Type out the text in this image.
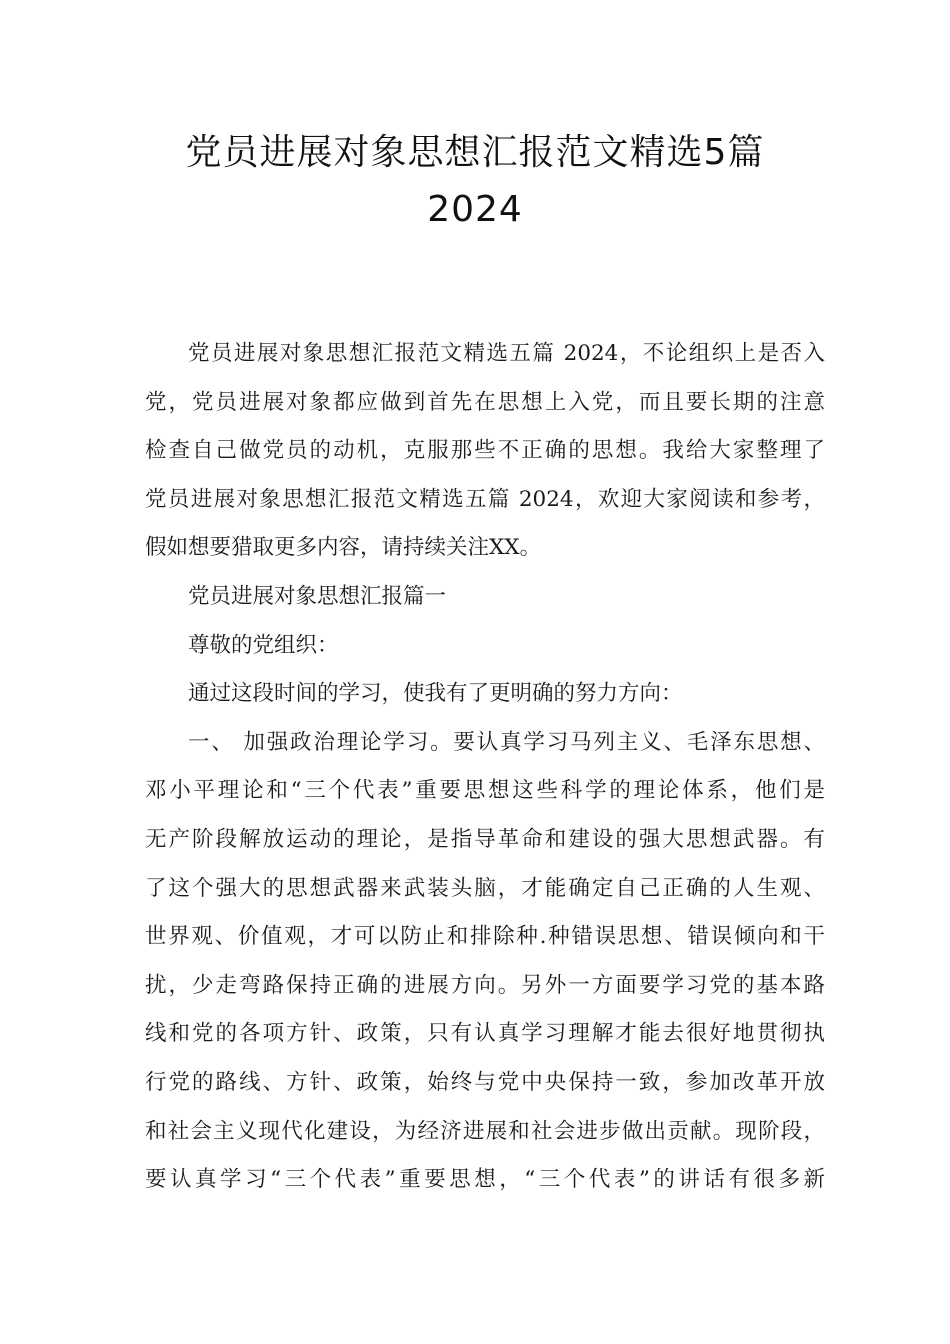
党员进展对象思想汇报范文精选5篇
2024
党员进展对象思想汇报范文精选五篇 2024，不论组织上是否入
党，党员进展对象都应做到首先在思想上入党，而且要长期的注意
检查自己做党员的动机，克服那些不正确的思想。我给大家整理了
党员进展对象思想汇报范文精选五篇 2024，欢迎大家阅读和参考，
假如想要猎取更多内容，请持续关注XX。
党员进展对象思想汇报篇一
尊敬的党组织：
通过这段时间的学习，使我有了更明确的努力方向：
一、 加强政治理论学习。要认真学习马列主义、毛泽东思想、
邓小平理论和“三个代表”重要思想这些科学的理论体系，他们是
无产阶段解放运动的理论，是指导革命和建设的强大思想武器。有
了这个强大的思想武器来武装头脑，才能确定自己正确的人生观、
世界观、价值观，才可以防止和排除种.种错误思想、错误倾向和干
扰，少走弯路保持正确的进展方向。另外一方面要学习党的基本路
线和党的各项方针、政策，只有认真学习理解才能去很好地贯彻执
行党的路线、方针、政策，始终与党中央保持一致，参加改革开放
和社会主义现代化建设，为经济进展和社会进步做出贡献。现阶段，
要认真学习“三个代表”重要思想，“三个代表”的讲话有很多新
